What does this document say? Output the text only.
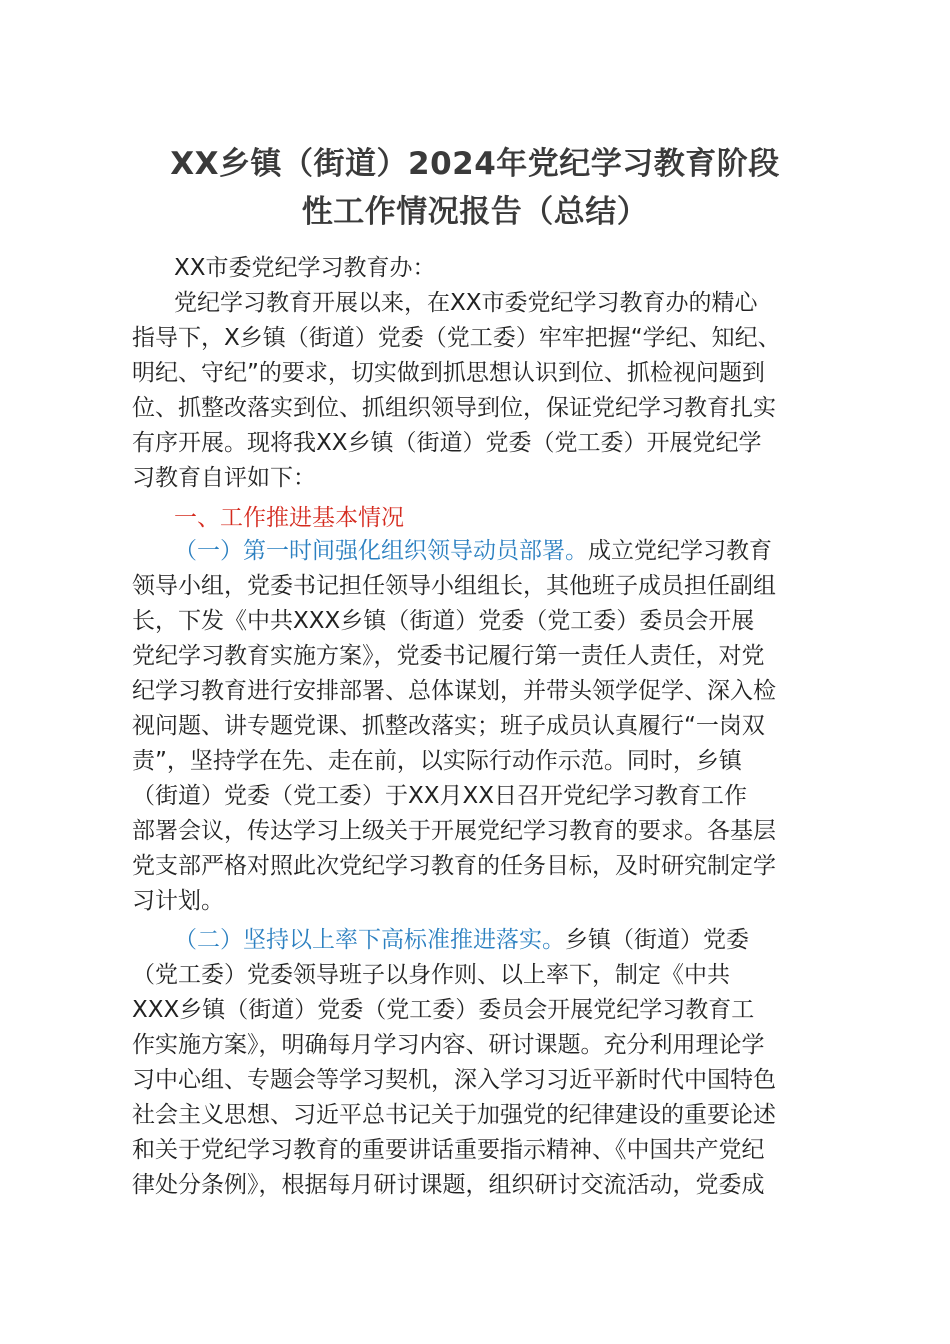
XX乡镇（街道）2024年党纪学习教育阶段
性工作情况报告（总结）

XX市委党纪学习教育办：

党纪学习教育开展以来，在XX市委党纪学习教育办的精心

指导下，X乡镇（街道）党委（党工委）牢牢把握“学纪、知纪、

明纪、守纪”的要求，切实做到抓思想认识到位、抓检视问题到

位、抓整改落实到位、抓组织领导到位，保证党纪学习教育扎实

有序开展。现将我XX乡镇（街道）党委（党工委）开展党纪学

习教育自评如下：

一、工作推进基本情况

（一）第一时间强化组织领导动员部署。成立党纪学习教育

领导小组，党委书记担任领导小组组长，其他班子成员担任副组

长，下发《中共XXX乡镇（街道）党委（党工委）委员会开展

党纪学习教育实施方案》，党委书记履行第一责任人责任，对党

纪学习教育进行安排部署、总体谋划，并带头领学促学、深入检

视问题、讲专题党课、抓整改落实；班子成员认真履行“一岗双

责”，坚持学在先、走在前，以实际行动作示范。同时，乡镇

（街道）党委（党工委）于XX月XX日召开党纪学习教育工作

部署会议，传达学习上级关于开展党纪学习教育的要求。各基层

党支部严格对照此次党纪学习教育的任务目标，及时研究制定学

习计划。

（二）坚持以上率下高标准推进落实。乡镇（街道）党委

（党工委）党委领导班子以身作则、以上率下，制定《中共

XXX乡镇（街道）党委（党工委）委员会开展党纪学习教育工

作实施方案》，明确每月学习内容、研讨课题。充分利用理论学

习中心组、专题会等学习契机，深入学习习近平新时代中国特色

社会主义思想、习近平总书记关于加强党的纪律建设的重要论述

和关于党纪学习教育的重要讲话重要指示精神、《中国共产党纪

律处分条例》，根据每月研讨课题，组织研讨交流活动，党委成
